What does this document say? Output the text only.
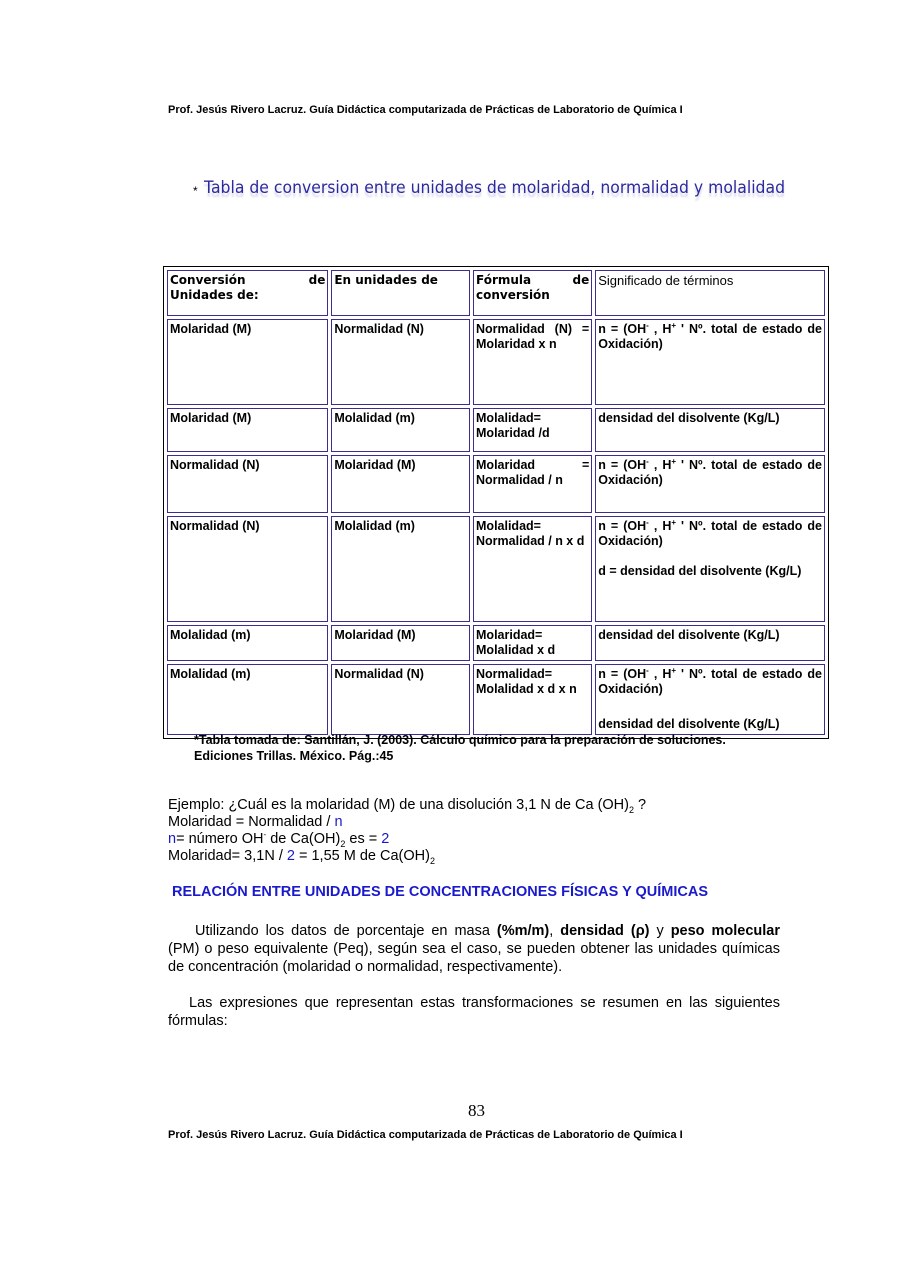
Prof. Jesús Rivero Lacruz. Guía Didáctica computarizada de Prácticas de Laboratorio de Química I
* Tabla de conversion entre unidades de molaridad, normalidad y molalidad
Conversión de Unidades de:	En unidades de	Fórmula de conversión	Significado de términos
Molaridad (M)	Normalidad (N)	Normalidad (N) = Molaridad x n	n = (OH- , H+ ' Nº. total de estado de Oxidación)
Molaridad (M)	Molalidad (m)	Molalidad= Molaridad /d	densidad del disolvente (Kg/L)
Normalidad (N)	Molaridad (M)	Molaridad = Normalidad / n	n = (OH- , H+ ' Nº. total de estado de Oxidación)
Normalidad (N)	Molalidad (m)	Molalidad= Normalidad / n x d	n = (OH- , H+ ' Nº. total de estado de Oxidación)
d = densidad del disolvente (Kg/L)
Molalidad (m)	Molaridad (M)	Molaridad= Molalidad x d	densidad del disolvente (Kg/L)
Molalidad (m)	Normalidad (N)	Normalidad= Molalidad x d x n	n = (OH- , H+ ' Nº. total de estado de Oxidación)
densidad del disolvente (Kg/L)
*Tabla tomada de: Santillán, J. (2003). Cálculo químico para la preparación de soluciones. Ediciones Trillas. México. Pág.:45
Ejemplo: ¿Cuál es la molaridad (M) de una disolución 3,1 N de Ca $(OH)_2$ ?
Molaridad = Normalidad / n
n= número OH- de $Ca(OH)_2$ es = 2
Molaridad= 3,1N / 2 = 1,55 M de $Ca(OH)_2$
RELACIÓN ENTRE UNIDADES DE CONCENTRACIONES FÍSICAS Y QUÍMICAS
Utilizando los datos de porcentaje en masa (%m/m), densidad (ρ) y peso molecular (PM) o peso equivalente (Peq), según sea el caso, se pueden obtener las unidades químicas de concentración (molaridad o normalidad, respectivamente).
Las expresiones que representan estas transformaciones se resumen en las siguientes fórmulas:
83
Prof. Jesús Rivero Lacruz. Guía Didáctica computarizada de Prácticas de Laboratorio de Química I
